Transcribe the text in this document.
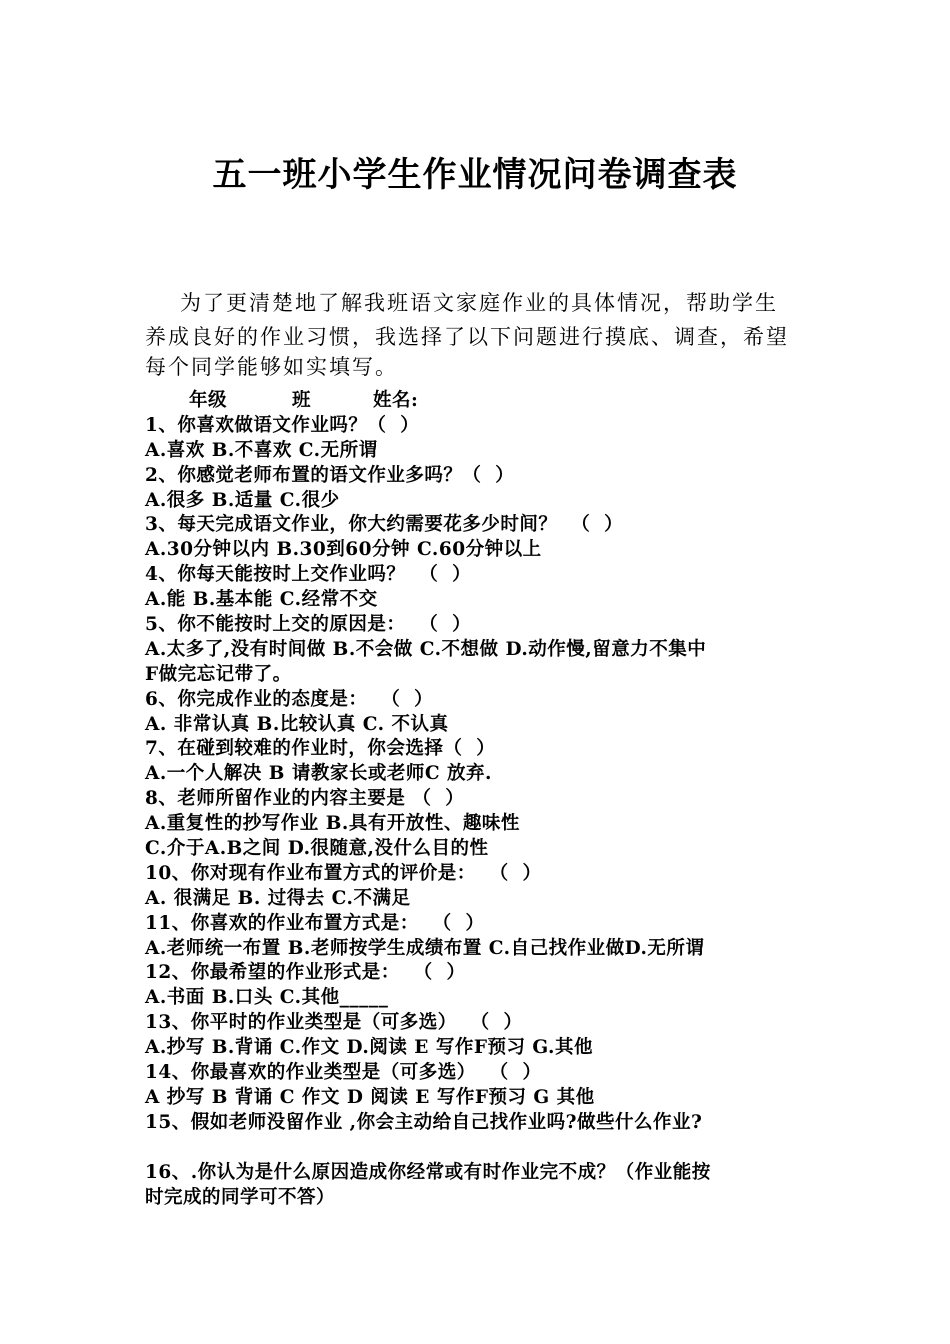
五一班小学生作业情况问卷调查表
为了更清楚地了解我班语文家庭作业的具体情况，帮助学生
养成良好的作业习惯，我选择了以下问题进行摸底、调查，希望
每个同学能够如实填写。
年级	班	姓名:
1、你喜欢做语文作业吗？（  ）
A.喜欢 B.不喜欢 C.无所谓
2、你感觉老师布置的语文作业多吗？（  ）
A.很多 B.适量 C.很少
3、每天完成语文作业，你大约需要花多少时间？  （  ）
A.30分钟以内 B.30到60分钟 C.60分钟以上
4、你每天能按时上交作业吗？  （  ）
A.能 B.基本能 C.经常不交
5、你不能按时上交的原因是：  （  ）
A.太多了,没有时间做 B.不会做 C.不想做 D.动作慢,留意力不集中
F做完忘记带了。
6、你完成作业的态度是：  （  ）
A. 非常认真 B.比较认真 C. 不认真
7、在碰到较难的作业时，你会选择（  ）
A.一个人解决 B 请教家长或老师C 放弃.
8、老师所留作业的内容主要是 （  ）
A.重复性的抄写作业 B.具有开放性、趣味性
C.介于A.B之间 D.很随意,没什么目的性
10、你对现有作业布置方式的评价是：  （  ）
A. 很满足 B. 过得去 C.不满足
11、你喜欢的作业布置方式是：  （  ）
A.老师统一布置 B.老师按学生成绩布置 C.自己找作业做D.无所谓
12、你最希望的作业形式是：  （  ）
A.书面 B.口头 C.其他_____
13、你平时的作业类型是（可多选）  （  ）
A.抄写 B.背诵 C.作文 D.阅读 E 写作F预习 G.其他
14、你最喜欢的作业类型是（可多选）  （  ）
A 抄写 B 背诵 C 作文 D 阅读 E 写作F预习 G 其他
15、假如老师没留作业 ,你会主动给自己找作业吗?做些什么作业?
16、.你认为是什么原因造成你经常或有时作业完不成？（作业能按
时完成的同学可不答）
